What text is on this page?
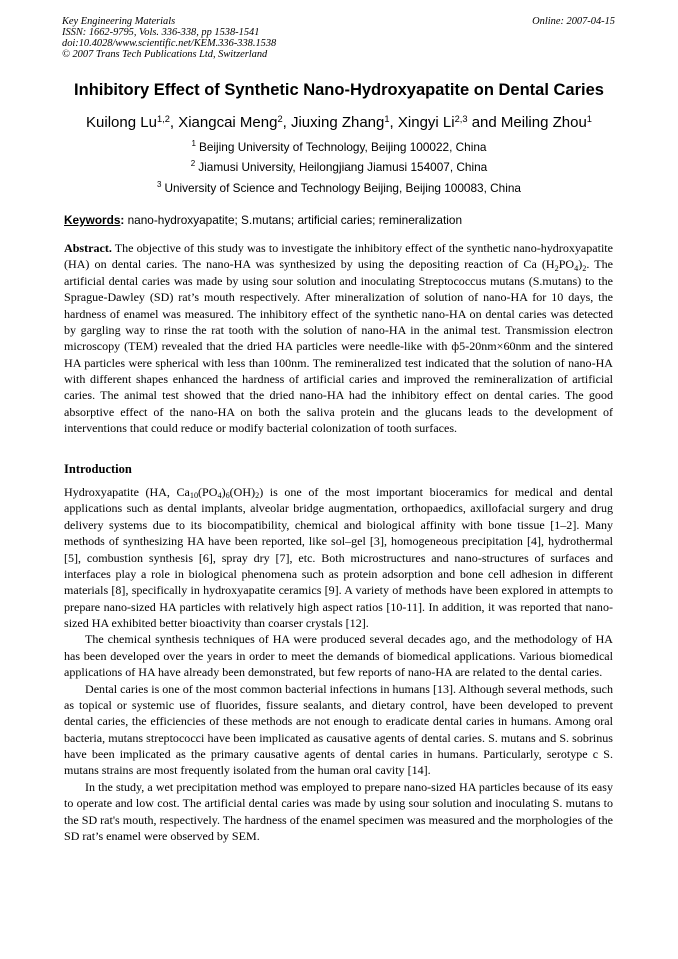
Key Engineering Materials
ISSN: 1662-9795, Vols. 336-338, pp 1538-1541
doi:10.4028/www.scientific.net/KEM.336-338.1538
© 2007 Trans Tech Publications Ltd, Switzerland
Online: 2007-04-15
Inhibitory Effect of Synthetic Nano-Hydroxyapatite on Dental Caries
Kuilong Lu$^{1,2}$, Xiangcai Meng$^2$, Jiuxing Zhang$^1$, Xingyi Li$^{2,3}$ and Meiling Zhou$^1$
$^1$ Beijing University of Technology, Beijing 100022, China
$^2$ Jiamusi University, Heilongjiang Jiamusi 154007, China
$^3$ University of Science and Technology Beijing, Beijing 100083, China
Keywords: nano-hydroxyapatite; S.mutans; artificial caries; remineralization
Abstract. The objective of this study was to investigate the inhibitory effect of the synthetic nano-hydroxyapatite (HA) on dental caries. The nano-HA was synthesized by using the depositing reaction of Ca $(H_2PO_4)_2$. The artificial dental caries was made by using sour solution and inoculating Streptococcus mutans (S.mutans) to the Sprague-Dawley (SD) rat’s mouth respectively. After mineralization of solution of nano-HA for 10 days, the hardness of enamel was measured. The inhibitory effect of the synthetic nano-HA on dental caries was detected by gargling way to rinse the rat tooth with the solution of nano-HA in the animal test. Transmission electron microscopy (TEM) revealed that the dried HA particles were needle-like with ф5-20nm×60nm and the sintered HA particles were spherical with less than 100nm. The remineralized test indicated that the solution of nano-HA with different shapes enhanced the hardness of artificial caries and improved the remineralization of artificial caries. The animal test showed that the dried nano-HA had the inhibitory effect on dental caries. The good absorptive effect of the nano-HA on both the saliva protein and the glucans leads to the development of interventions that could reduce or modify bacterial colonization of tooth surfaces.
Introduction

Hydroxyapatite (HA, $Ca_{10}(PO_4)_6(OH)_2$) is one of the most important bioceramics for medical and dental applications such as dental implants, alveolar bridge augmentation, orthopaedics, axillofacial surgery and drug delivery systems due to its biocompatibility, chemical and biological affinity with bone tissue [1–2]. Many methods of synthesizing HA have been reported, like sol–gel [3], homogeneous precipitation [4], hydrothermal [5], combustion synthesis [6], spray dry [7], etc. Both microstructures and nano-structures of surfaces and interfaces play a role in biological phenomena such as protein adsorption and bone cell adhesion in different materials [8], specifically in hydroxyapatite ceramics [9]. A variety of methods have been explored in attempts to prepare nano-sized HA particles with relatively high aspect ratios [10-11]. In addition, it was reported that nano-sized HA exhibited better bioactivity than coarser crystals [12].

The chemical synthesis techniques of HA were produced several decades ago, and the methodology of HA has been developed over the years in order to meet the demands of biomedical applications. Various biomedical applications of HA have already been demonstrated, but few reports of nano-HA are related to the dental caries.

Dental caries is one of the most common bacterial infections in humans [13]. Although several methods, such as topical or systemic use of fluorides, fissure sealants, and dietary control, have been developed to prevent dental caries, the efficiencies of these methods are not enough to eradicate dental caries in humans. Among oral bacteria, mutans streptococci have been implicated as causative agents of dental caries. S. mutans and S. sobrinus have been implicated as the primary causative agents of dental caries in humans. Particularly, serotype c S. mutans strains are most frequently isolated from the human oral cavity [14].

In the study, a wet precipitation method was employed to prepare nano-sized HA particles because of its easy to operate and low cost. The artificial dental caries was made by using sour solution and inoculating S. mutans to the SD rat's mouth, respectively. The hardness of the enamel specimen was measured and the morphologies of the SD rat’s enamel were observed by SEM.
